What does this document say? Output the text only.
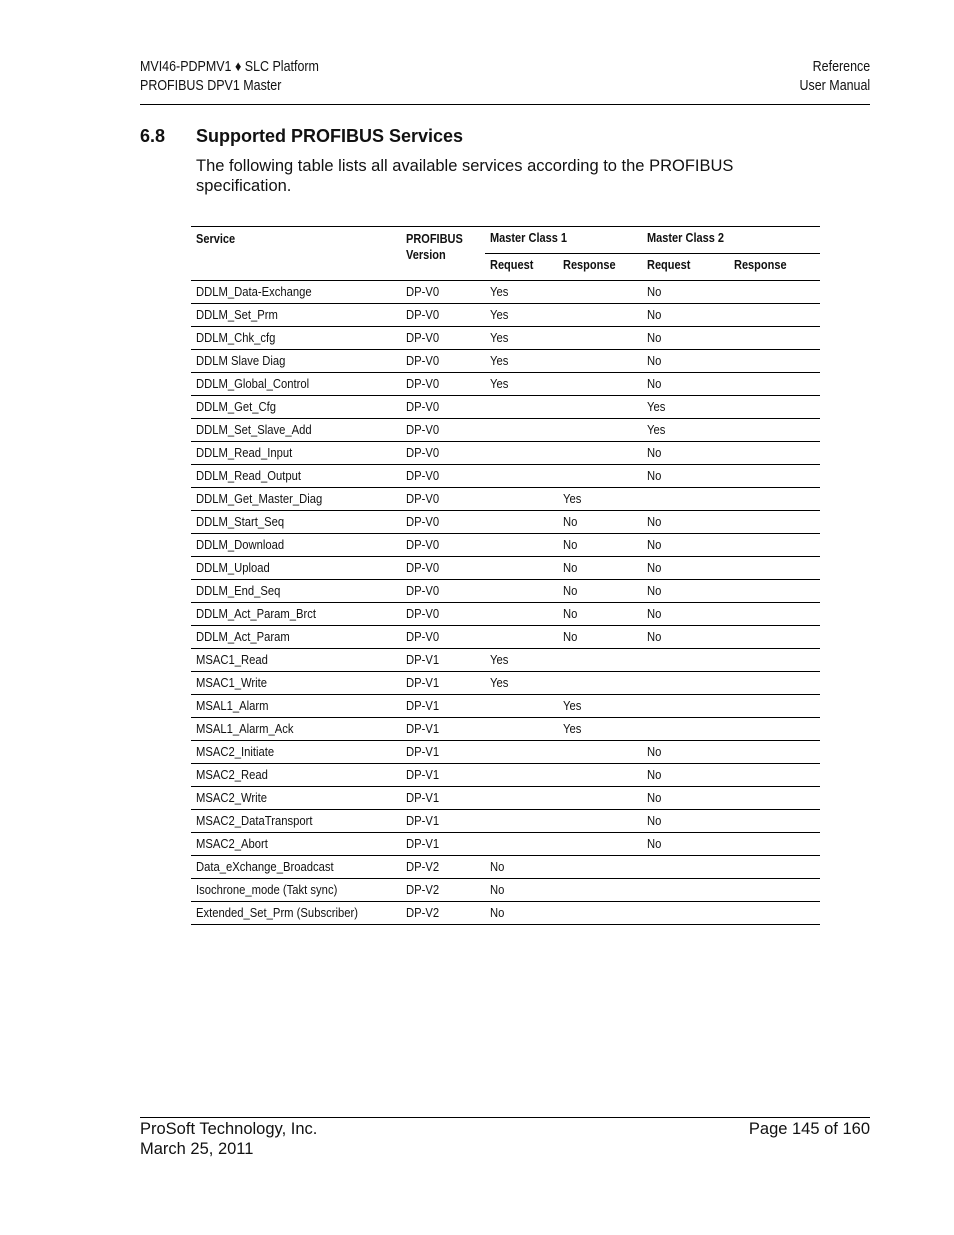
MVI46-PDPMV1 ♦ SLC Platform
PROFIBUS DPV1 Master
Reference
User Manual
6.8 Supported PROFIBUS Services
The following table lists all available services according to the PROFIBUS specification.
Service	PROFIBUS Version	Master Class 1		Master Class 2	
		Request	Response	Request	Response
DDLM_Data-Exchange	DP-V0	Yes		No	
DDLM_Set_Prm	DP-V0	Yes		No	
DDLM_Chk_cfg	DP-V0	Yes		No	
DDLM Slave Diag	DP-V0	Yes		No	
DDLM_Global_Control	DP-V0	Yes		No	
DDLM_Get_Cfg	DP-V0			Yes	
DDLM_Set_Slave_Add	DP-V0			Yes	
DDLM_Read_Input	DP-V0			No	
DDLM_Read_Output	DP-V0			No	
DDLM_Get_Master_Diag	DP-V0		Yes		
DDLM_Start_Seq	DP-V0		No	No	
DDLM_Download	DP-V0		No	No	
DDLM_Upload	DP-V0		No	No	
DDLM_End_Seq	DP-V0		No	No	
DDLM_Act_Param_Brct	DP-V0		No	No	
DDLM_Act_Param	DP-V0		No	No	
MSAC1_Read	DP-V1	Yes			
MSAC1_Write	DP-V1	Yes			
MSAL1_Alarm	DP-V1		Yes		
MSAL1_Alarm_Ack	DP-V1		Yes		
MSAC2_Initiate	DP-V1			No	
MSAC2_Read	DP-V1			No	
MSAC2_Write	DP-V1			No	
MSAC2_DataTransport	DP-V1			No	
MSAC2_Abort	DP-V1			No	
Data_eXchange_Broadcast	DP-V2	No			
Isochrone_mode (Takt sync)	DP-V2	No			
Extended_Set_Prm (Subscriber)	DP-V2	No			
ProSoft Technology, Inc.
March 25, 2011
Page 145 of 160
